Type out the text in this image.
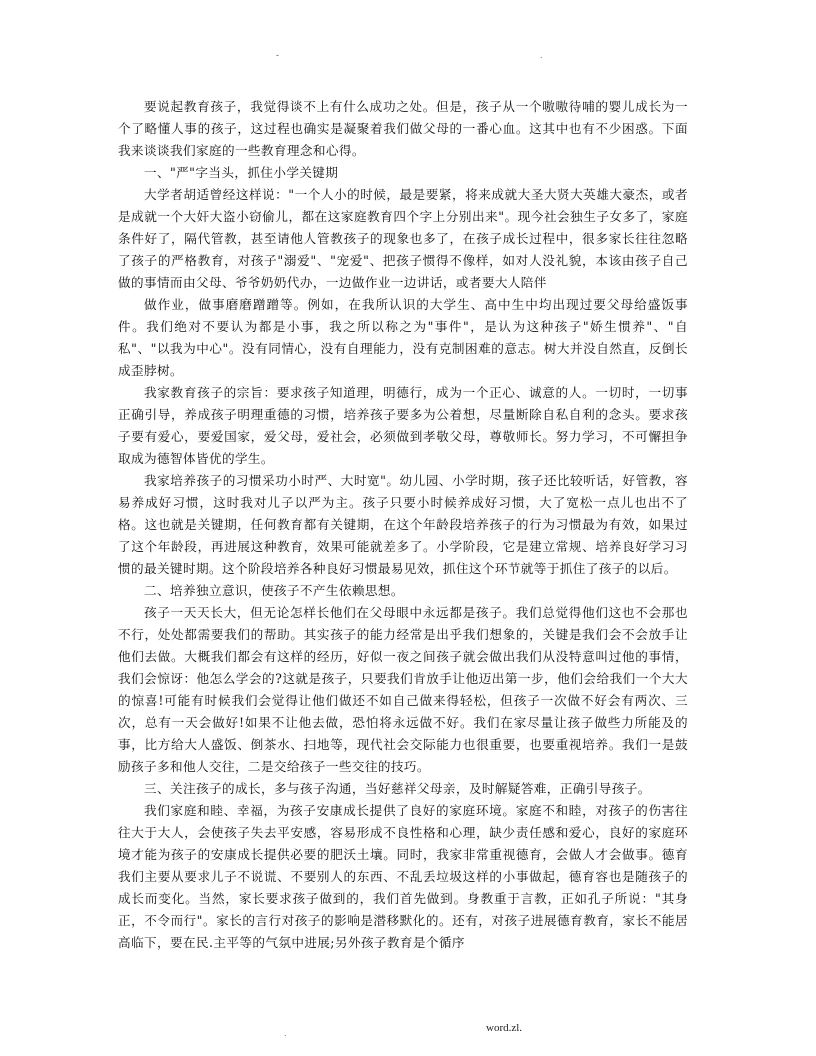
-	.

要说起教育孩子，我觉得谈不上有什么成功之处。但是，孩子从一个嗷嗷待哺的婴儿成长为一个了略懂人事的孩子，这过程也确实是凝聚着我们做父母的一番心血。这其中也有不少困惑。下面我来谈谈我们家庭的一些教育理念和心得。

一、"严"字当头，抓住小学关键期

大学者胡适曾经这样说："一个人小的时候，最是要紧，将来成就大圣大贤大英雄大豪杰，或者是成就一个大奸大盗小窃偷儿，都在这家庭教育四个字上分别出来"。现今社会独生子女多了，家庭条件好了，隔代管教，甚至请他人管教孩子的现象也多了，在孩子成长过程中，很多家长往往忽略了孩子的严格教育，对孩子"溺爱"、"宠爱"、把孩子惯得不像样，如对人没礼貌，本该由孩子自己做的事情而由父母、爷爷奶奶代办，一边做作业一边讲话，或者要大人陪伴

做作业，做事磨磨蹭蹭等。例如，在我所认识的大学生、高中生中均出现过要父母给盛饭事件。我们绝对不要认为都是小事，我之所以称之为"事件"，是认为这种孩子"娇生惯养"、"自私"、"以我为中心"。没有同情心，没有自理能力，没有克制困难的意志。树大并没自然直，反倒长成歪脖树。

我家教育孩子的宗旨：要求孩子知道理，明德行，成为一个正心、诚意的人。一切时，一切事正确引导，养成孩子明理重德的习惯，培养孩子要多为公着想，尽量断除自私自利的念头。要求孩子要有爱心，要爱国家，爱父母，爱社会，必须做到孝敬父母，尊敬师长。努力学习，不可懈担争取成为德智体皆优的学生。

我家培养孩子的习惯采功小时严、大时宽"。幼儿园、小学时期，孩子还比较听话，好管教，容易养成好习惯，这时我对儿子以严为主。孩子只要小时候养成好习惯，大了宽松一点儿也出不了格。这也就是关键期，任何教育都有关键期，在这个年龄段培养孩子的行为习惯最为有效，如果过了这个年龄段，再进展这种教育，效果可能就差多了。小学阶段，它是建立常规、培养良好学习习惯的最关键时期。这个阶段培养各种良好习惯最易见效，抓住这个环节就等于抓住了孩子的以后。

二、培养独立意识，使孩子不产生依赖思想。

孩子一天天长大，但无论怎样长他们在父母眼中永远都是孩子。我们总觉得他们这也不会那也不行，处处都需要我们的帮助。其实孩子的能力经常是出乎我们想象的，关键是我们会不会放手让他们去做。大概我们都会有这样的经历，好似一夜之间孩子就会做出我们从没特意叫过他的事情，我们会惊讶：他怎么学会的?这就是孩子，只要我们肯放手让他迈出第一步，他们会给我们一个大大的惊喜!可能有时候我们会觉得让他们做还不如自己做来得轻松，但孩子一次做不好会有两次、三次，总有一天会做好!如果不让他去做，恐怕将永远做不好。我们在家尽量让孩子做些力所能及的事，比方给大人盛饭、倒茶水、扫地等，现代社会交际能力也很重要，也要重视培养。我们一是鼓励孩子多和他人交往，二是交给孩子一些交往的技巧。

三、关注孩子的成长，多与孩子沟通，当好慈祥父母亲，及时解疑答难，正确引导孩子。

我们家庭和睦、幸福，为孩子安康成长提供了良好的家庭环境。家庭不和睦，对孩子的伤害往往大于大人，会使孩子失去平安感，容易形成不良性格和心理，缺少责任感和爱心，良好的家庭环境才能为孩子的安康成长提供必要的肥沃土壤。同时，我家非常重视德育，会做人才会做事。德育我们主要从要求儿子不说谎、不要别人的东西、不乱丢垃圾这样的小事做起，德育容也是随孩子的成长而变化。当然，家长要求孩子做到的，我们首先做到。身教重于言教，正如孔子所说："其身正，不令而行"。家长的言行对孩子的影响是潜移默化的。还有，对孩子进展德育教育，家长不能居高临下，要在民.主平等的气氛中进展;另外孩子教育是个循序

.	word.zl.
